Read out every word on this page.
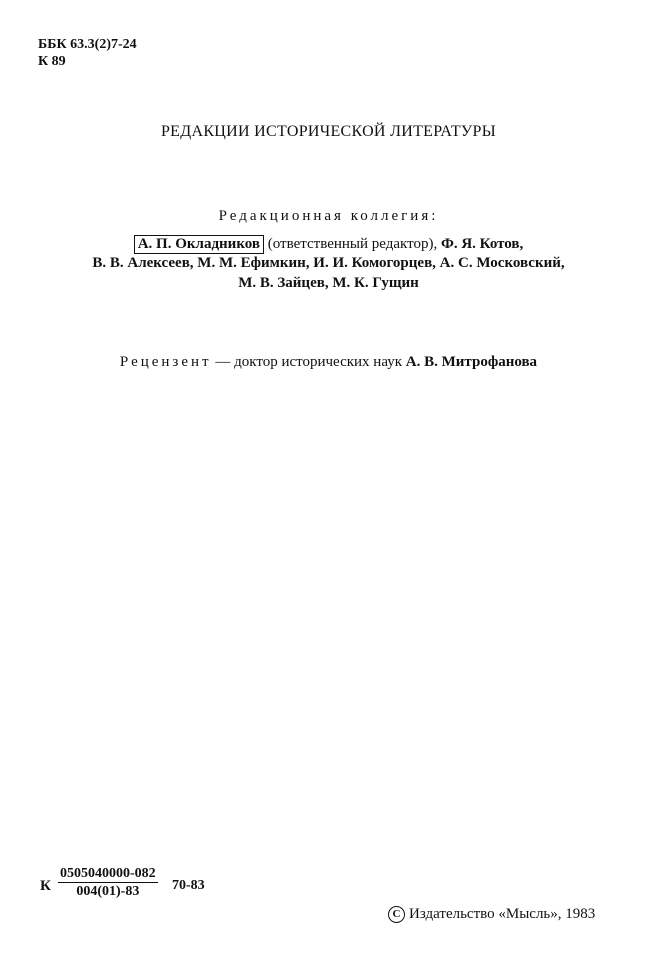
ББК 63.3(2)7-24
К 89
РЕДАКЦИИ ИСТОРИЧЕСКОЙ ЛИТЕРАТУРЫ
Редакционная коллегия:
А. П. Окладников (ответственный редактор), Ф. Я. Котов,
В. В. Алексеев, М. М. Ефимкин, И. И. Комогорцев, А. С. Московский,
М. В. Зайцев, М. К. Гущин
Рецензент — доктор исторических наук А. В. Митрофанова
К $\frac{0505040000-082}{004(01)-83} 70-83$
C Издательство «Мысль», 1983
